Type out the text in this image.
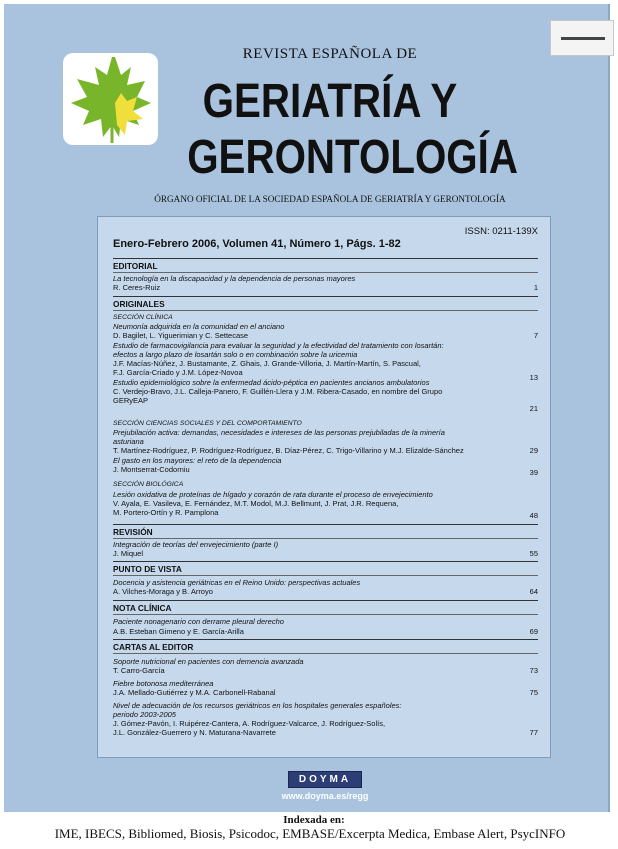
REVISTA ESPAÑOLA DE
GERIATRÍA Y
GERONTOLOGÍA
ÓRGANO OFICIAL DE LA SOCIEDAD ESPAÑOLA DE GERIATRÍA Y GERONTOLOGÍA
ISSN: 0211-139X
Enero-Febrero 2006, Volumen 41, Número 1, Págs. 1-82
EDITORIAL
La tecnología en la discapacidad y la dependencia de personas mayores
R. Ceres-Ruiz	1
ORIGINALES
SECCIÓN CLÍNICA
Neumonía adquirida en la comunidad en el anciano
D. Bagilet, L. Yiguerimian y C. Settecase	7
Estudio de farmacovigilancia para evaluar la seguridad y la efectividad del tratamiento con losartán:
efectos a largo plazo de losartán solo o en combinación sobre la uricemia
J.F. Macías-Núñez, J. Bustamante, Z. Ghais, J. Grande-Villoria, J. Martín-Martín, S. Pascual,
F.J. García-Criado y J.M. López-Novoa
13
Estudio epidemiológico sobre la enfermedad ácido-péptica en pacientes ancianos ambulatorios
C. Verdejo-Bravo, J.L. Calleja-Panero, F. Guillén-Llera y J.M. Ribera-Casado, en nombre del Grupo
GERyEAP
21
SECCIÓN CIENCIAS SOCIALES Y DEL COMPORTAMIENTO
Prejubilación activa: demandas, necesidades e intereses de las personas prejubiladas de la minería
asturiana
T. Martínez-Rodríguez, P. Rodríguez-Rodríguez, B. Díaz-Pérez, C. Trigo-Villarino y M.J. Elizalde-Sánchez	29
El gasto en los mayores: el reto de la dependencia
J. Montserrat-Codorniu	39
SECCIÓN BIOLÓGICA
Lesión oxidativa de proteínas de hígado y corazón de rata durante el proceso de envejecimiento
V. Ayala, E. Vasileva, E. Fernández, M.T. Modol, M.J. Bellmunt, J. Prat, J.R. Requena,
M. Portero-Ortín y R. Pamplona	48
REVISIÓN
Integración de teorías del envejecimiento (parte I)
J. Miquel	55
PUNTO DE VISTA
Docencia y asistencia geriátricas en el Reino Unido: perspectivas actuales
A. Vilches-Moraga y B. Arroyo	64
NOTA CLÍNICA
Paciente nonagenario con derrame pleural derecho
A.B. Esteban Gimeno y E. García-Arilla	69
CARTAS AL EDITOR
Soporte nutricional en pacientes con demencia avanzada
T. Carro-García	73
Fiebre botonosa mediterránea
J.A. Mellado-Gutiérrez y M.A. Carbonell-Rabanal	75
Nivel de adecuación de los recursos geriátricos en los hospitales generales españoles:
periodo 2003-2005
J. Gómez-Pavón, I. Ruipérez-Cantera, A. Rodríguez-Valcarce, J. Rodríguez-Solís,
J.L. González-Guerrero y N. Maturana-Navarrete	77
DOYMA
www.doyma.es/regg
Indexada en:
IME, IBECS, Bibliomed, Biosis, Psicodoc, EMBASE/Excerpta Medica, Embase Alert, PsycINFO
